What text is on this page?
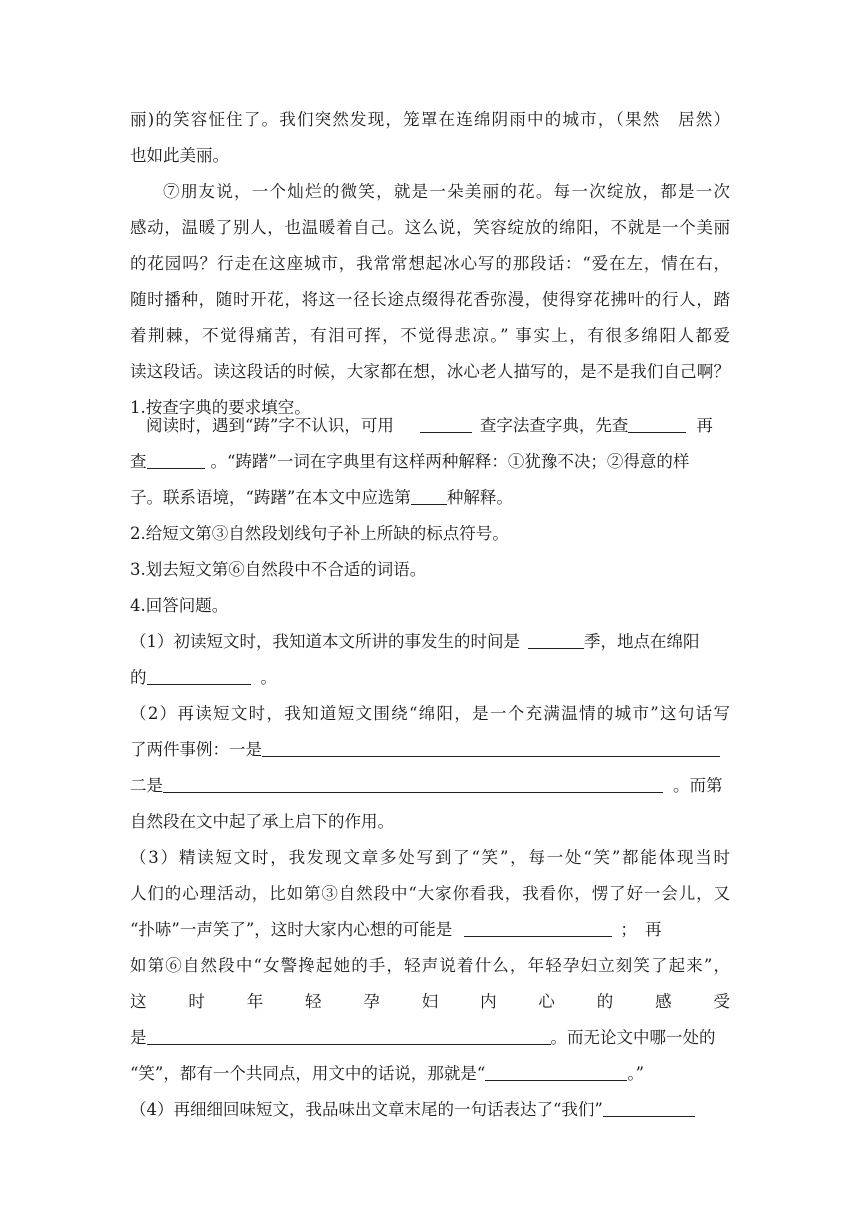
丽)的笑容怔住了。我们突然发现，笼罩在连绵阴雨中的城市，（果然　居然）
也如此美丽。
⑦朋友说，一个灿烂的微笑，就是一朵美丽的花。每一次绽放，都是一次
感动，温暖了别人，也温暖着自己。这么说，笑容绽放的绵阳，不就是一个美丽
的花园吗？行走在这座城市，我常常想起冰心写的那段话：“爱在左，情在右，
随时播种，随时开花，将这一径长途点缀得花香弥漫，使得穿花拂叶的行人，踏
着荆棘，不觉得痛苦，有泪可挥，不觉得悲凉。” 事实上，有很多绵阳人都爱
读这段话。读这段话的时候，大家都在想，冰心老人描写的，是不是我们自己啊？
1.按查字典的要求填空。
阅读时，遇到“踌”字不认识，可用	查字法查字典，先查	再
查	。“踌躇”一词在字典里有这样两种解释：①犹豫不决；②得意的样
子。联系语境，“踌躇”在本文中应选第 种解释。
2.给短文第③自然段划线句子补上所缺的标点符号。
3.划去短文第⑥自然段中不合适的词语。
4.回答问题。
（1）初读短文时，我知道本文所讲的事发生的时间是	季，地点在绵阳
的	。
（2）再读短文时，我知道短文围绕“绵阳，是一个充满温情的城市”这句话写
了两件事例：一是
二是	。而第
自然段在文中起了承上启下的作用。
（3）精读短文时，我发现文章多处写到了“笑”，每一处“笑”都能体现当时
人们的心理活动，比如第③自然段中“大家你看我，我看你，愣了好一会儿，又
“扑哧”一声笑了”，这时大家内心想的可能是	；　再
如第⑥自然段中“女警搀起她的手，轻声说着什么，年轻孕妇立刻笑了起来”，
这	时	年	轻	孕	妇	内	心	的	感	受
是	。而无论文中哪一处的
“笑”，都有一个共同点，用文中的话说，那就是“	。”
（4）再细细回味短文，我品味出文章末尾的一句话表达了“我们”
